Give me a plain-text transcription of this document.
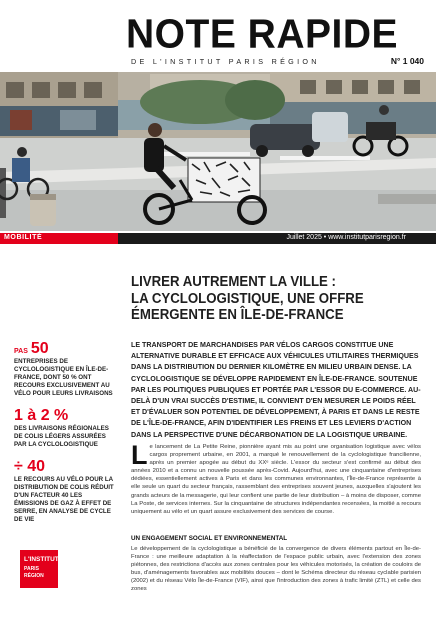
NOTE RAPIDE
DE L'INSTITUT PARIS RÉGION	N° 1 040
MOBILITÉ	Juillet 2025 • www.institutparisregion.fr
LIVRER AUTREMENT LA VILLE :
LA CYCLOLOGISTIQUE, UNE OFFRE
ÉMERGENTE EN ÎLE-DE-FRANCE
LE TRANSPORT DE MARCHANDISES PAR VÉLOS CARGOS CONSTITUE UNE ALTERNATIVE DURABLE ET EFFICACE AUX VÉHICULES UTILITAIRES THERMIQUES DANS LA DISTRIBUTION DU DERNIER KILOMÈTRE EN MILIEU URBAIN DENSE. LA CYCLOLOGISTIQUE SE DÉVELOPPE RAPIDEMENT EN ÎLE-DE-FRANCE. SOUTENUE PAR LES POLITIQUES PUBLIQUES ET PORTÉE PAR L'ESSOR DU E-COMMERCE. AU-DELÀ D'UN VRAI SUCCÈS D'ESTIME, IL CONVIENT D'EN MESURER LE POIDS RÉEL ET D'ÉVALUER SON POTENTIEL DE DÉVELOPPEMENT, À PARIS ET DANS LE RESTE DE L'ÎLE-DE-FRANCE, AFIN D'IDENTIFIER LES FREINS ET LES LEVIERS D'ACTION DANS LA PERSPECTIVE D'UNE DÉCARBONATION DE LA LOGISTIQUE URBAINE.
PAS 50
ENTREPRISES DE CYCLOLOGISTIQUE EN ÎLE-DE-FRANCE, DONT 50 % ONT RECOURS EXCLUSIVEMENT AU VÉLO POUR LEURS LIVRAISONS
1 à 2 %
DES LIVRAISONS RÉGIONALES DE COLIS LÉGERS ASSURÉES PAR LA CYCLOLOGISTIQUE
÷ 40
LE RECOURS AU VÉLO POUR LA DISTRIBUTION DE COLIS RÉDUIT D'UN FACTEUR 40 LES ÉMISSIONS DE GAZ À EFFET DE SERRE, EN ANALYSE DE CYCLE DE VIE
L e lancement de La Petite Reine, pionnière ayant mis au point une organisation logistique avec vélos cargos proprement urbaine, en 2001, a marqué le renouvellement de la cyclologistique francilienne, après un premier apogée au début du XXᵉ siècle. L'essor du secteur s'est confirmé au début des années 2010 et a connu un nouvelle poussée après-Covid. Aujourd'hui, avec une cinquantaine d'entreprises dédiées, essentiellement actives à Paris et dans les communes environnantes, l'Île-de-France représente à elle seule un quart du secteur français, rassemblant des entreprises souvent jeunes, auxquelles s'ajoutent les grands acteurs de la messagerie, qui leur confient une partie de leur distribution – à moins de disposer, comme La Poste, de services internes. Sur la cinquantaine de structures indépendantes recensées, la moitié a recours uniquement au vélo et un quart assure exclusivement des services de course.
UN ENGAGEMENT SOCIAL ET ENVIRONNEMENTAL
Le développement de la cyclologistique a bénéficié de la convergence de divers éléments partout en Île-de-France : une meilleure adaptation à la réaffectation de l'espace public urbain, avec l'extension des zones piétonnes, des restrictions d'accès aux zones centrales pour les véhicules motorisés, la création de couloirs de bus, d'aménagements favorables aux mobilités douces – dont le Schéma directeur du réseau cyclable parisien (2002) et du réseau Vélo Île-de-France (VIF), ainsi que l'introduction des zones à trafic limité (ZTL) et celle des zones
L'INSTITUT
PARIS
RÉGION
